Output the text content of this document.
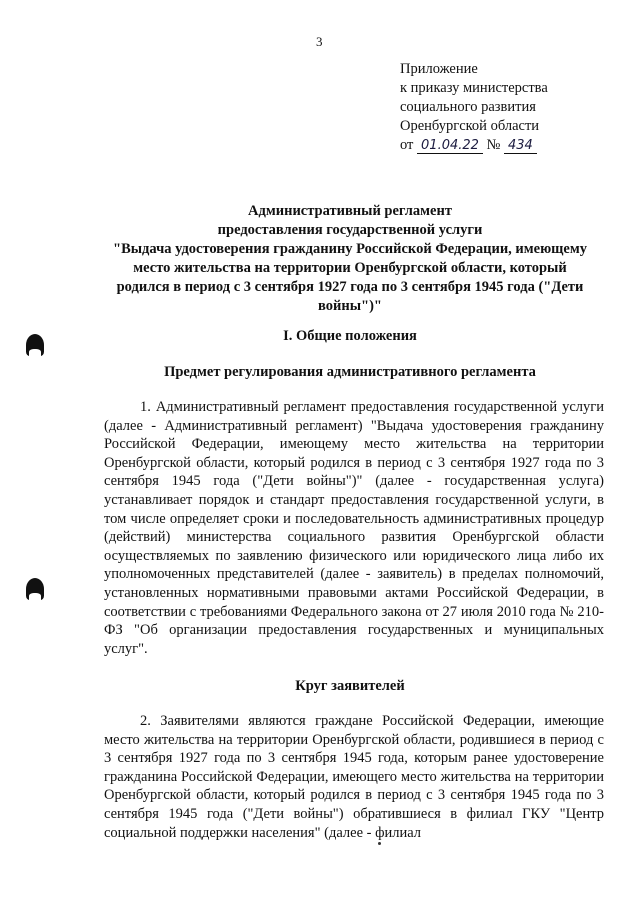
3
Приложение
к приказу министерства
социального развития
Оренбургской области
от 01.04.22 № 434
Административный регламент
предоставления государственной услуги
"Выдача удостоверения гражданину Российской Федерации, имеющему
место жительства на территории Оренбургской области, который
родился в период с 3 сентября 1927 года по 3 сентября 1945 года ("Дети
войны")"
I. Общие положения
Предмет регулирования административного регламента

1. Административный регламент предоставления государственной услуги (далее - Административный регламент) "Выдача удостоверения гражданину Российской Федерации, имеющему место жительства на территории Оренбургской области, который родился в период с 3 сентября 1927 года по 3 сентября 1945 года ("Дети войны")" (далее - государственная услуга) устанавливает порядок и стандарт предоставления государственной услуги, в том числе определяет сроки и последовательность административных процедур (действий) министерства социального развития Оренбургской области осуществляемых по заявлению физического или юридического лица либо их уполномоченных представителей (далее - заявитель) в пределах полномочий, установленных нормативными правовыми актами Российской Федерации, в соответствии с требованиями Федерального закона от 27 июля 2010 года № 210-ФЗ "Об организации предоставления государственных и муниципальных услуг".

Круг заявителей

2. Заявителями являются граждане Российской Федерации, имеющие место жительства на территории Оренбургской области, родившиеся в период с 3 сентября 1927 года по 3 сентября 1945 года, которым ранее удостоверение гражданина Российской Федерации, имеющего место жительства на территории Оренбургской области, который родился в период с 3 сентября 1945 года по 3 сентября 1945 года ("Дети войны") обратившиеся в филиал ГКУ "Центр социальной поддержки населения" (далее - филиал
